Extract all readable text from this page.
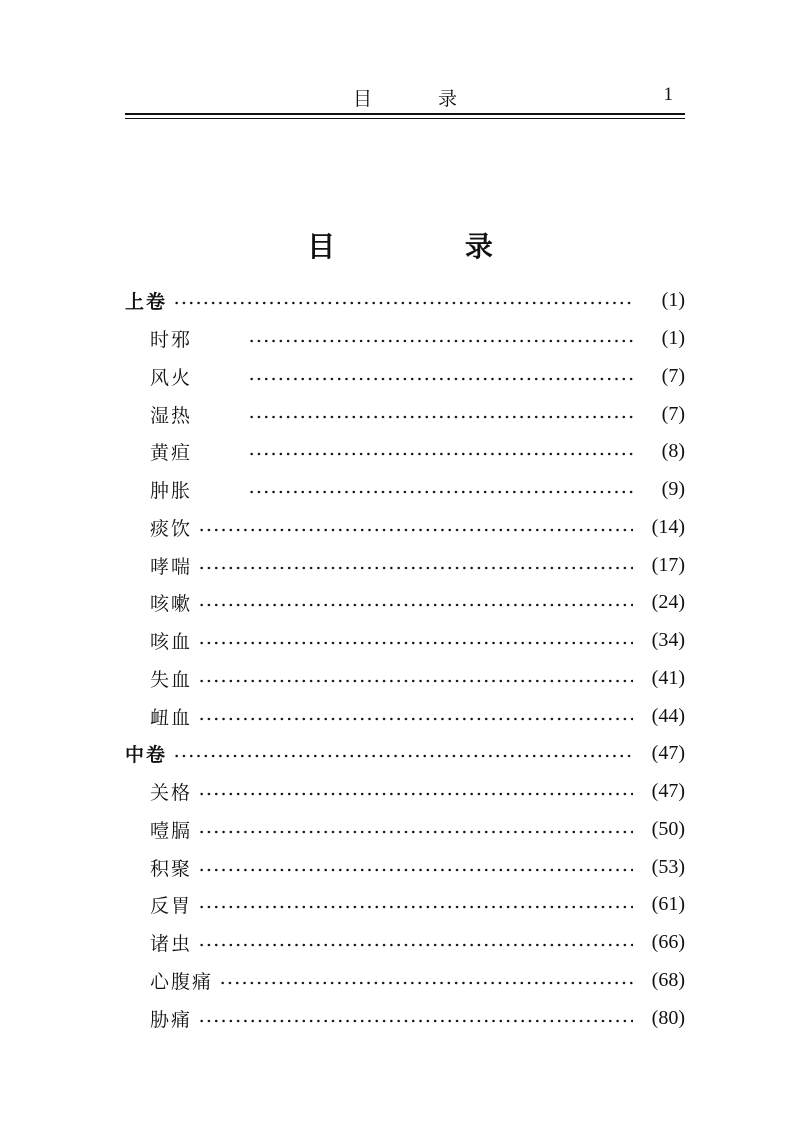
目 录	1
目 录
上卷	(1)
时邪	(1)
风火	(7)
湿热	(7)
黄疸	(8)
肿胀	(9)
痰饮	(14)
哮喘	(17)
咳嗽	(24)
咳血	(34)
失血	(41)
衄血	(44)
中卷	(47)
关格	(47)
噎膈	(50)
积聚	(53)
反胃	(61)
诸虫	(66)
心腹痛	(68)
胁痛	(80)
